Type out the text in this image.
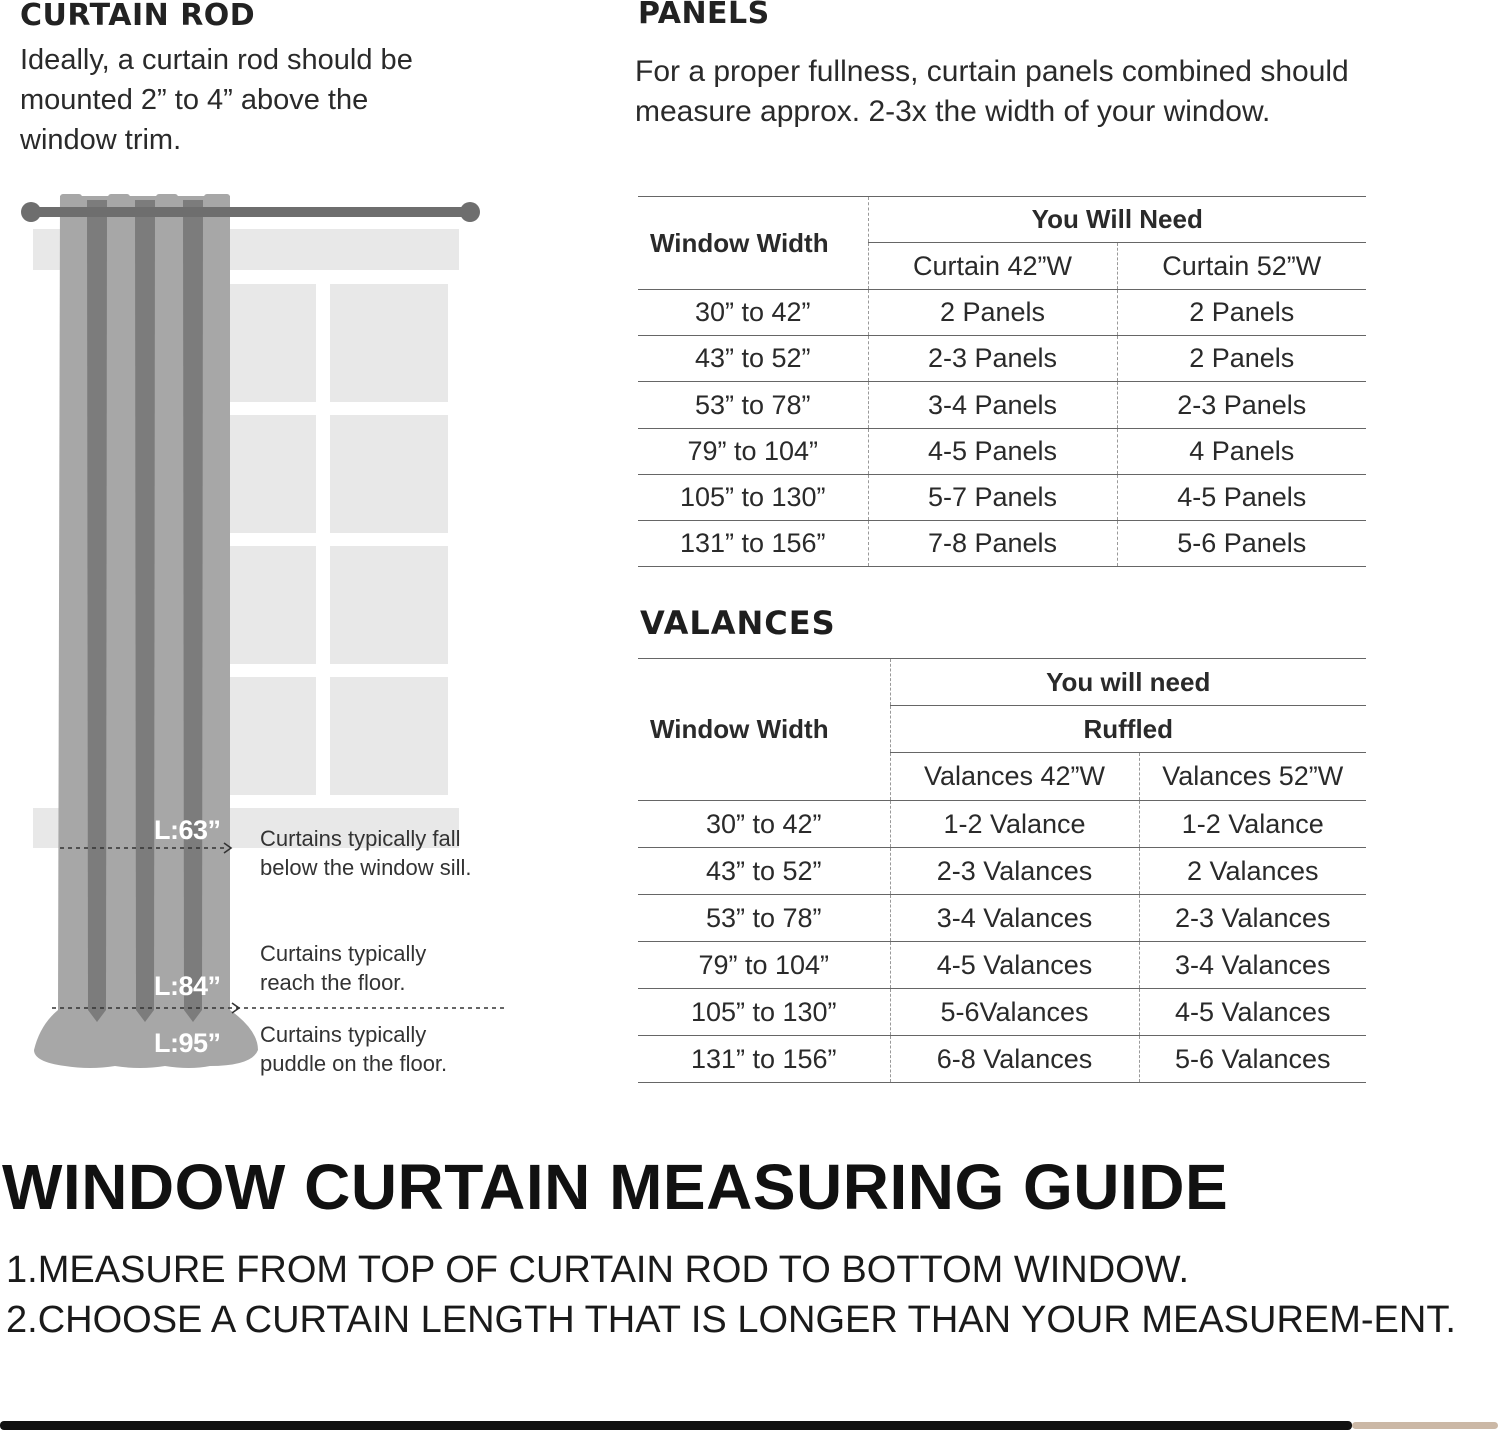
CURTAIN ROD
Ideally, a curtain rod should be
mounted 2” to 4” above the
window trim.
L:63”
L:84”
L:95”
Curtains typically fall
below the window sill.
Curtains typically
reach the floor.
Curtains typically
puddle on the floor.
PANELS
For a proper fullness, curtain panels combined should measure approx. 2-3x the width of your window.
Window Width	You Will Need	
	Curtain 42”W	Curtain 52”W
30” to 42”	2 Panels	2 Panels
43” to 52”	2-3 Panels	2 Panels
53” to 78”	3-4 Panels	2-3 Panels
79” to 104”	4-5 Panels	4 Panels
105” to 130”	5-7 Panels	4-5 Panels
131” to 156”	7-8 Panels	5-6 Panels
VALANCES
Window Width	You will need	
	Ruffled	
	Valances 42”W	Valances 52”W
30” to 42”	1-2 Valance	1-2 Valance
43” to 52”	2-3 Valances	2 Valances
53” to 78”	3-4 Valances	2-3 Valances
79” to 104”	4-5 Valances	3-4 Valances
105” to 130”	5-6Valances	4-5 Valances
131” to 156”	6-8 Valances	5-6 Valances
WINDOW CURTAIN MEASURING GUIDE
1.MEASURE FROM TOP OF CURTAIN ROD TO BOTTOM WINDOW.
2.CHOOSE A CURTAIN LENGTH THAT IS LONGER THAN YOUR MEASUREM-ENT.
